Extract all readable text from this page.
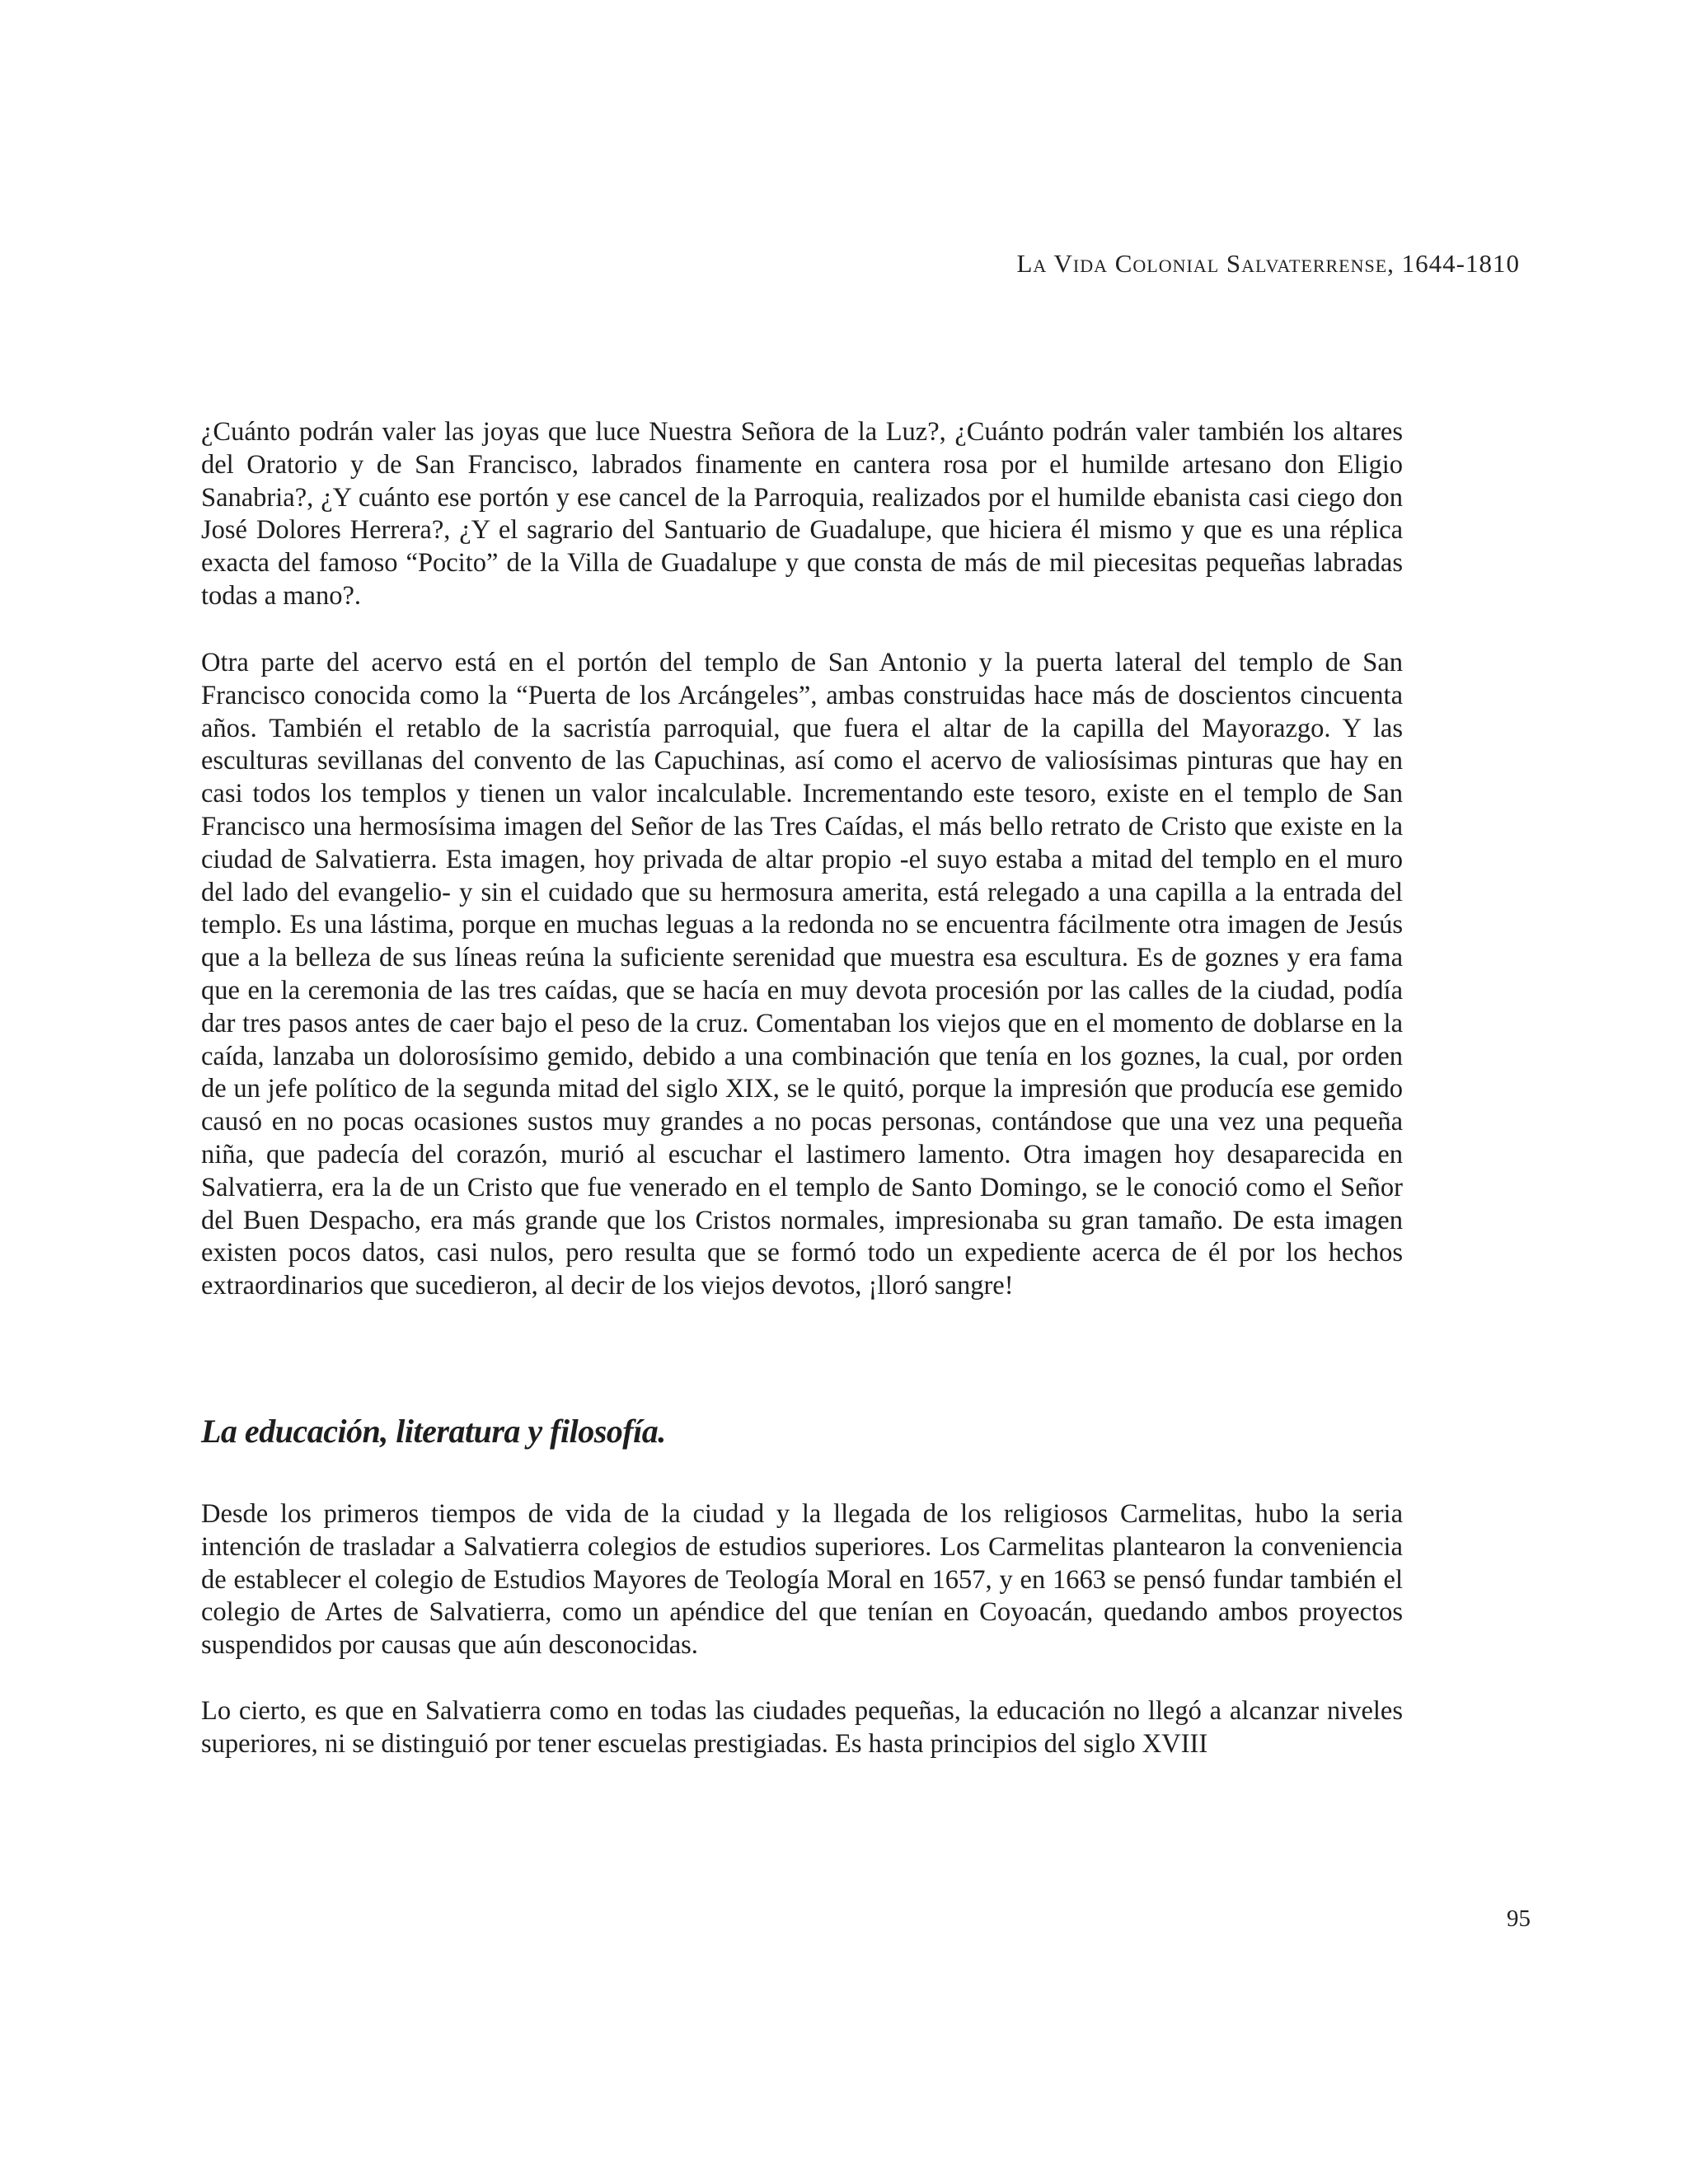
La Vida Colonial Salvaterrense, 1644-1810

¿Cuánto podrán valer las joyas que luce Nuestra Señora de la Luz?, ¿Cuánto podrán valer también los altares del Oratorio y de San Francisco, labrados finamente en cantera rosa por el humilde artesano don Eligio Sanabria?, ¿Y cuánto ese portón y ese cancel de la Parroquia, realizados por el humilde ebanista casi ciego don José Dolores Herrera?, ¿Y el sagrario del Santuario de Guadalupe, que hiciera él mismo y que es una réplica exacta del famoso “Pocito” de la Villa de Guadalupe y que consta de más de mil piecesitas pequeñas labradas todas a mano?.

Otra parte del acervo está en el portón del templo de San Antonio y la puerta lateral del templo de San Francisco conocida como la “Puerta de los Arcángeles”, ambas construidas hace más de doscientos cincuenta años. También el retablo de la sacristía parroquial, que fuera el altar de la capilla del Mayorazgo. Y las esculturas sevillanas del convento de las Capuchinas, así como el acervo de valiosísimas pinturas que hay en casi todos los templos y tienen un valor incalculable. Incrementando este tesoro, existe en el templo de San Francisco una hermosísima imagen del Señor de las Tres Caídas, el más bello retrato de Cristo que existe en la ciudad de Salvatierra. Esta imagen, hoy privada de altar propio -el suyo estaba a mitad del templo en el muro del lado del evangelio- y sin el cuidado que su hermosura amerita, está relegado a una capilla a la entrada del templo. Es una lástima, porque en muchas leguas a la redonda no se encuentra fácilmente otra imagen de Jesús que a la belleza de sus líneas reúna la suficiente serenidad que muestra esa escultura. Es de goznes y era fama que en la ceremonia de las tres caídas, que se hacía en muy devota procesión por las calles de la ciudad, podía dar tres pasos antes de caer bajo el peso de la cruz. Comentaban los viejos que en el momento de doblarse en la caída, lanzaba un dolorosísimo gemido, debido a una combinación que tenía en los goznes, la cual, por orden de un jefe político de la segunda mitad del siglo XIX, se le quitó, porque la impresión que producía ese gemido causó en no pocas ocasiones sustos muy grandes a no pocas personas, contándose que una vez una pequeña niña, que padecía del corazón, murió al escuchar el lastimero lamento. Otra imagen hoy desaparecida en Salvatierra, era la de un Cristo que fue venerado en el templo de Santo Domingo, se le conoció como el Señor del Buen Despacho, era más grande que los Cristos normales, impresionaba su gran tamaño. De esta imagen existen pocos datos, casi nulos, pero resulta que se formó todo un expediente acerca de él por los hechos extraordinarios que sucedieron, al decir de los viejos devotos, ¡lloró sangre!

La educación, literatura y filosofía.

Desde los primeros tiempos de vida de la ciudad y la llegada de los religiosos Carmelitas, hubo la seria intención de trasladar a Salvatierra colegios de estudios superiores. Los Carmelitas plantearon la conveniencia de establecer el colegio de Estudios Mayores de Teología Moral en 1657, y en 1663 se pensó fundar también el colegio de Artes de Salvatierra, como un apéndice del que tenían en Coyoacán, quedando ambos proyectos suspendidos por causas que aún desconocidas.

Lo cierto, es que en Salvatierra como en todas las ciudades pequeñas, la educación no llegó a alcanzar niveles superiores, ni se distinguió por tener escuelas prestigiadas. Es hasta principios del siglo XVIII

95
